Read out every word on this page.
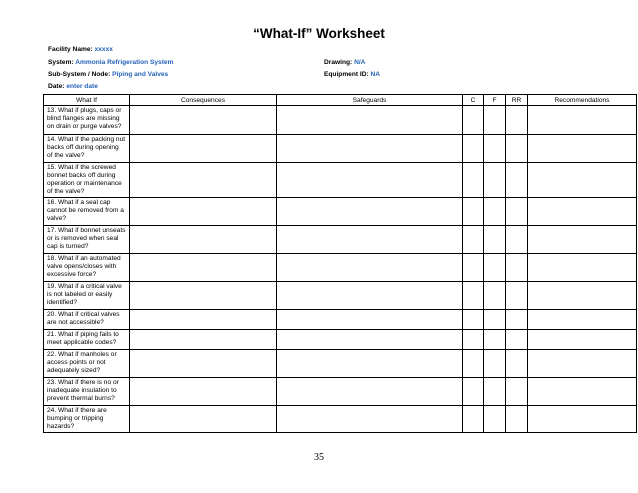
“What-If” Worksheet
Facility Name: xxxxx
System: Ammonia Refrigeration System	Drawing: N/A
Sub-System / Node: Piping and Valves	Equipment ID: NA
Date: enter date
What If	Consequences	Safeguards	C	F	RR	Recommendations
13. What if plugs, caps or blind flanges are missing on drain or purge valves?						
14. What if the packing nut backs off during opening of the valve?						
15. What if the screwed bonnet backs off during operation or maintenance of the valve?						
16. What if a seal cap cannot be removed from a valve?						
17. What if bonnet unseats or is removed when seal cap is turned?						
18. What if an automated valve opens/closes with excessive force?						
19. What if a critical valve is not labeled or easily identified?						
20. What if critical valves are not accessible?						
21. What if piping fails to meet applicable codes?						
22. What if manholes or access points or not adequately sized?						
23. What if there is no or inadequate insulation to prevent thermal burns?						
24. What if there are bumping or tripping hazards?						
35
